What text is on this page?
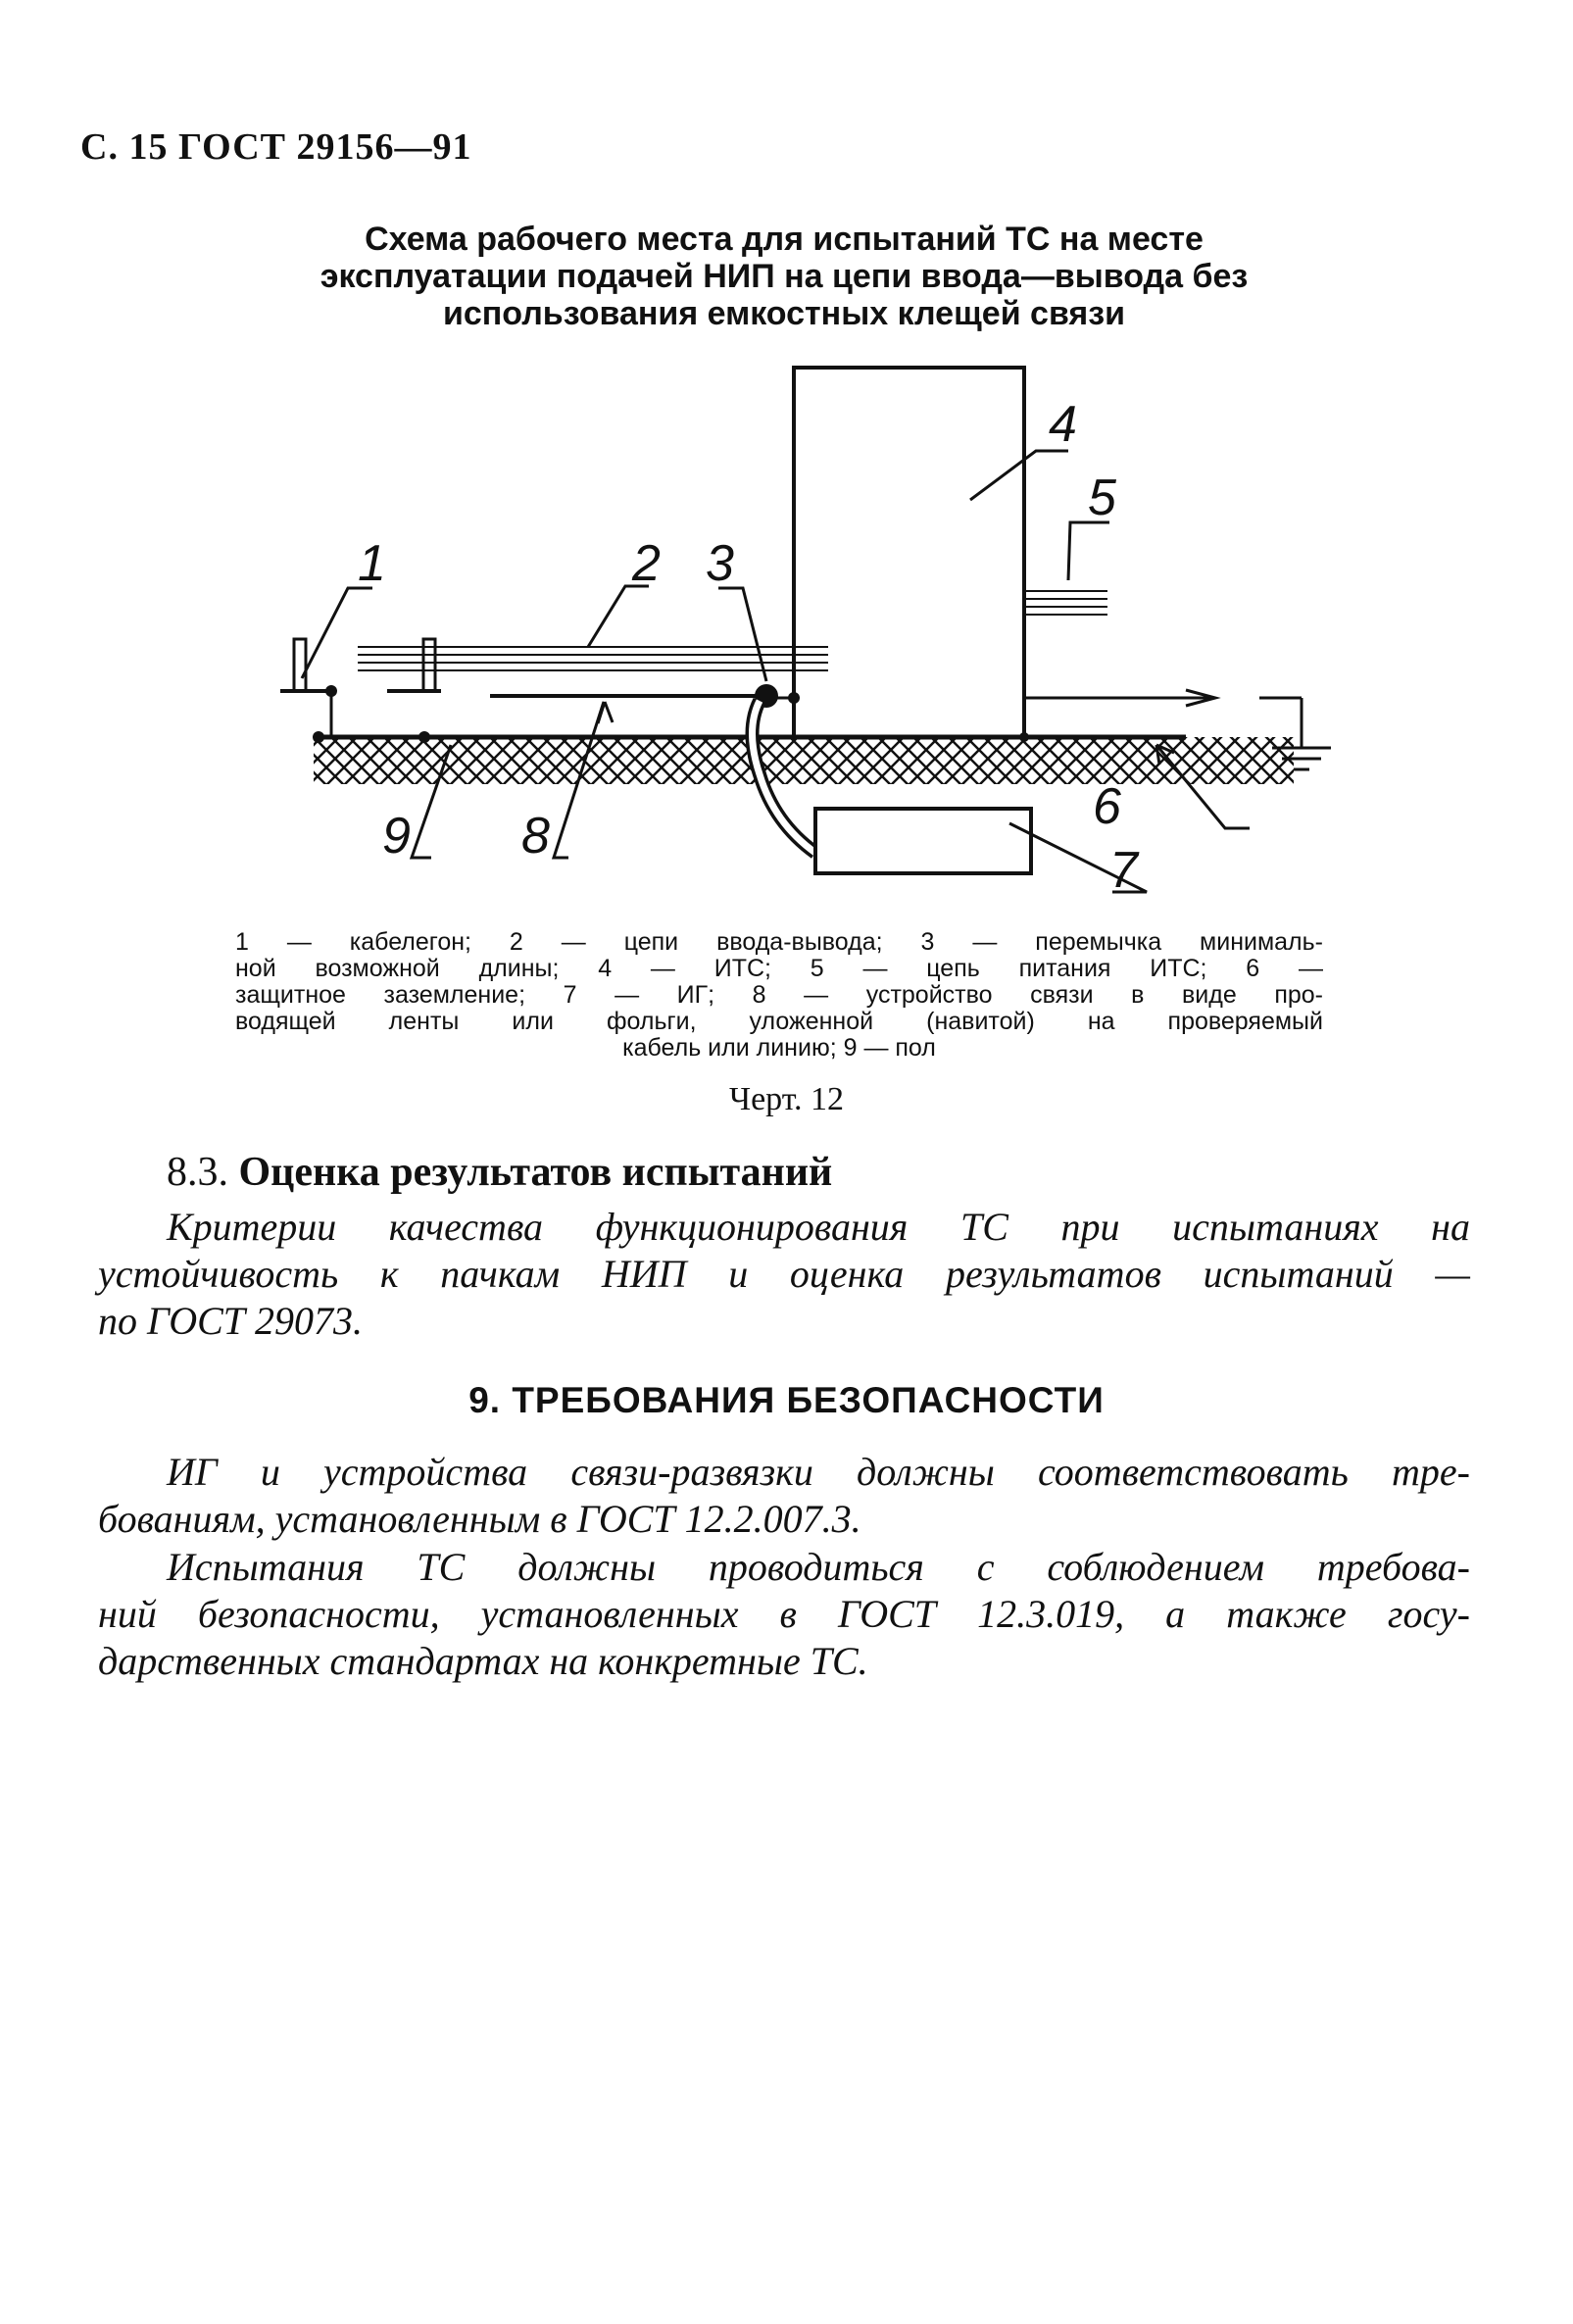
С. 15 ГОСТ 29156—91
Схема рабочего места для испытаний ТС на месте
эксплуатации подачей НИП на цепи ввода—вывода без
использования емкостных клещей связи
1	2 3
4
5
6
7
8
9
1 — кабелегон; 2 — цепи ввода-вывода; 3 — перемычка минималь-
ной возможной длины; 4 — ИТС; 5 — цепь питания ИТС; 6 —
защитное заземление; 7 — ИГ; 8 — устройство связи в виде про-
водящей ленты или фольги, уложенной (навитой) на проверяемый
кабель или линию; 9 — пол
Черт. 12
8.3. Оценка результатов испытаний
Критерии качества функционирования ТС при испытаниях на
устойчивость к пачкам НИП и оценка результатов испытаний —
по ГОСТ 29073.
9. ТРЕБОВАНИЯ БЕЗОПАСНОСТИ
ИГ и устройства связи-развязки должны соответствовать тре-
бованиям, установленным в ГОСТ 12.2.007.3.
Испытания ТС должны проводиться с соблюдением требова-
ний безопасности, установленных в ГОСТ 12.3.019, а также госу-
дарственных стандартах на конкретные ТС.
